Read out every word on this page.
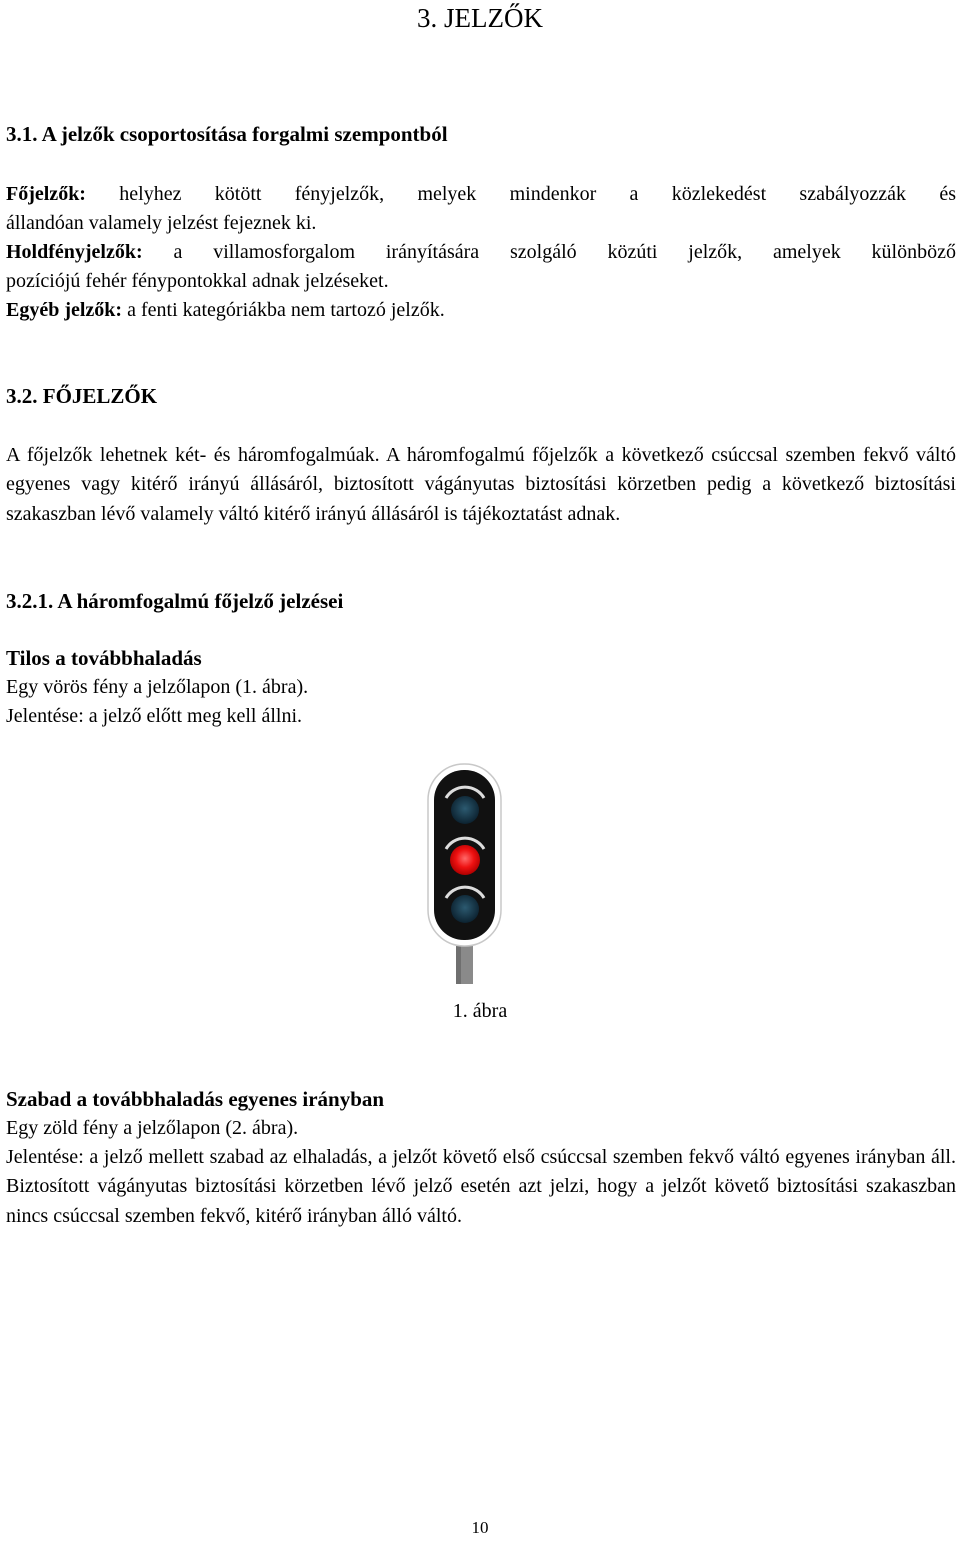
3. JELZŐK
3.1. A jelzők csoportosítása forgalmi szempontból
Főjelzők: helyhez kötött fényjelzők, melyek mindenkor a közlekedést szabályozzák és
állandóan valamely jelzést fejeznek ki.
Holdfényjelzők: a villamosforgalom irányítására szolgáló közúti jelzők, amelyek különböző
pozíciójú fehér fénypontokkal adnak jelzéseket.
Egyéb jelzők: a fenti kategóriákba nem tartozó jelzők.
3.2. FŐJELZŐK
A főjelzők lehetnek két- és háromfogalmúak. A háromfogalmú főjelzők a következő csúccsal szemben fekvő váltó egyenes vagy kitérő irányú állásáról, biztosított vágányutas biztosítási körzetben pedig a következő biztosítási szakaszban lévő valamely váltó kitérő irányú állásáról is tájékoztatást adnak.
3.2.1. A háromfogalmú főjelző jelzései
Tilos a továbbhaladás
Egy vörös fény a jelzőlapon (1. ábra).
Jelentése: a jelző előtt meg kell állni.
1. ábra
Szabad a továbbhaladás egyenes irányban
Egy zöld fény a jelzőlapon (2. ábra).
Jelentése: a jelző mellett szabad az elhaladás, a jelzőt követő első csúccsal szemben fekvő váltó egyenes irányban áll. Biztosított vágányutas biztosítási körzetben lévő jelző esetén azt jelzi, hogy a jelzőt követő biztosítási szakaszban nincs csúccsal szemben fekvő, kitérő irányban álló váltó.
10
